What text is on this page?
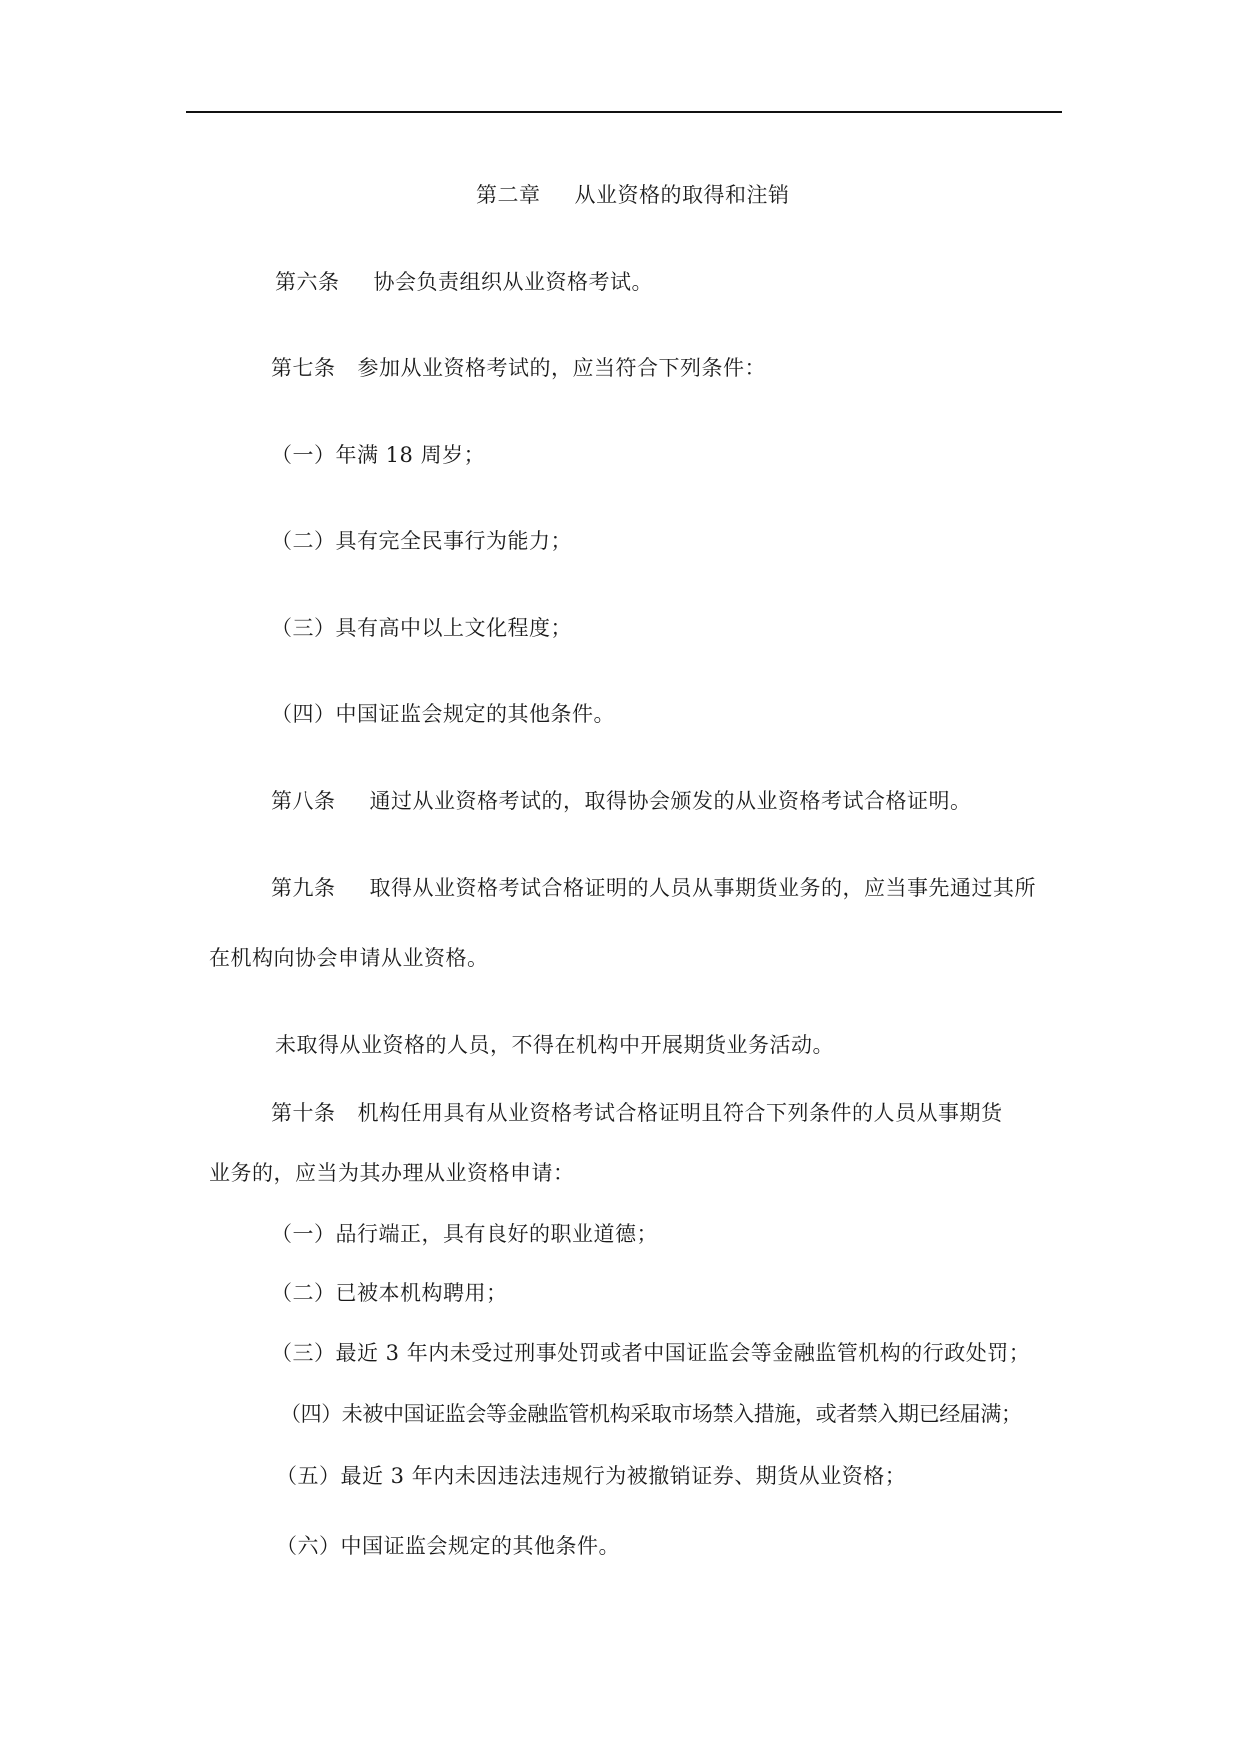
第二章 从业资格的取得和注销
第六条 协会负责组织从业资格考试。
第七条 参加从业资格考试的，应当符合下列条件：
（一）年满 18 周岁；
（二）具有完全民事行为能力；
（三）具有高中以上文化程度；
（四）中国证监会规定的其他条件。
第八条 通过从业资格考试的，取得协会颁发的从业资格考试合格证明。
第九条 取得从业资格考试合格证明的人员从事期货业务的，应当事先通过其所
在机构向协会申请从业资格。
未取得从业资格的人员，不得在机构中开展期货业务活动。
第十条 机构任用具有从业资格考试合格证明且符合下列条件的人员从事期货
业务的，应当为其办理从业资格申请：
（一）品行端正，具有良好的职业道德；
（二）已被本机构聘用；
（三）最近 3 年内未受过刑事处罚或者中国证监会等金融监管机构的行政处罚；
（四）未被中国证监会等金融监管机构采取市场禁入措施，或者禁入期已经届满；
（五）最近 3 年内未因违法违规行为被撤销证券、期货从业资格；
（六）中国证监会规定的其他条件。
